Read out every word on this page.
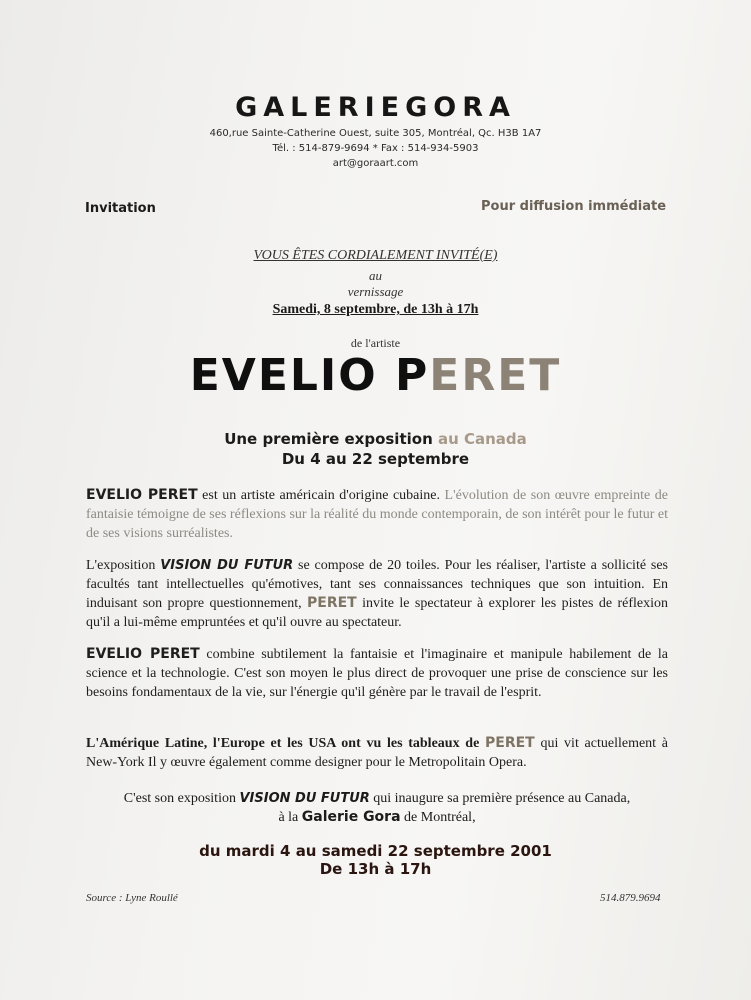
GALERIEGORA
460,rue Sainte-Catherine Ouest, suite 305, Montréal, Qc. H3B 1A7
Tél. : 514-879-9694 * Fax : 514-934-5903
art@goraart.com
Invitation	Pour diffusion immédiate
VOUS ÊTES CORDIALEMENT INVITÉ(E)
au
vernissage
Samedi, 8 septembre, de 13h à 17h
de l'artiste
EVELIO PERET
Une première exposition au Canada
Du 4 au 22 septembre
EVELIO PERET est un artiste américain d'origine cubaine. L'évolution de son œuvre empreinte de fantaisie témoigne de ses réflexions sur la réalité du monde contemporain, de son intérêt pour le futur et de ses visions surréalistes.
L'exposition VISION DU FUTUR se compose de 20 toiles. Pour les réaliser, l'artiste a sollicité ses facultés tant intellectuelles qu'émotives, tant ses connaissances techniques que son intuition. En induisant son propre questionnement, PERET invite le spectateur à explorer les pistes de réflexion qu'il a lui-même empruntées et qu'il ouvre au spectateur.
EVELIO PERET combine subtilement la fantaisie et l'imaginaire et manipule habilement de la science et la technologie. C'est son moyen le plus direct de provoquer une prise de conscience sur les besoins fondamentaux de la vie, sur l'énergie qu'il génère par le travail de l'esprit.
L'Amérique Latine, l'Europe et les USA ont vu les tableaux de PERET qui vit actuellement à New-York Il y œuvre également comme designer pour le Metropolitain Opera.
C'est son exposition VISION DU FUTUR qui inaugure sa première présence au Canada,
à la Galerie Gora de Montréal,
du mardi 4 au samedi 22 septembre 2001
De 13h à 17h
Source : Lyne Roullé	514.879.9694
